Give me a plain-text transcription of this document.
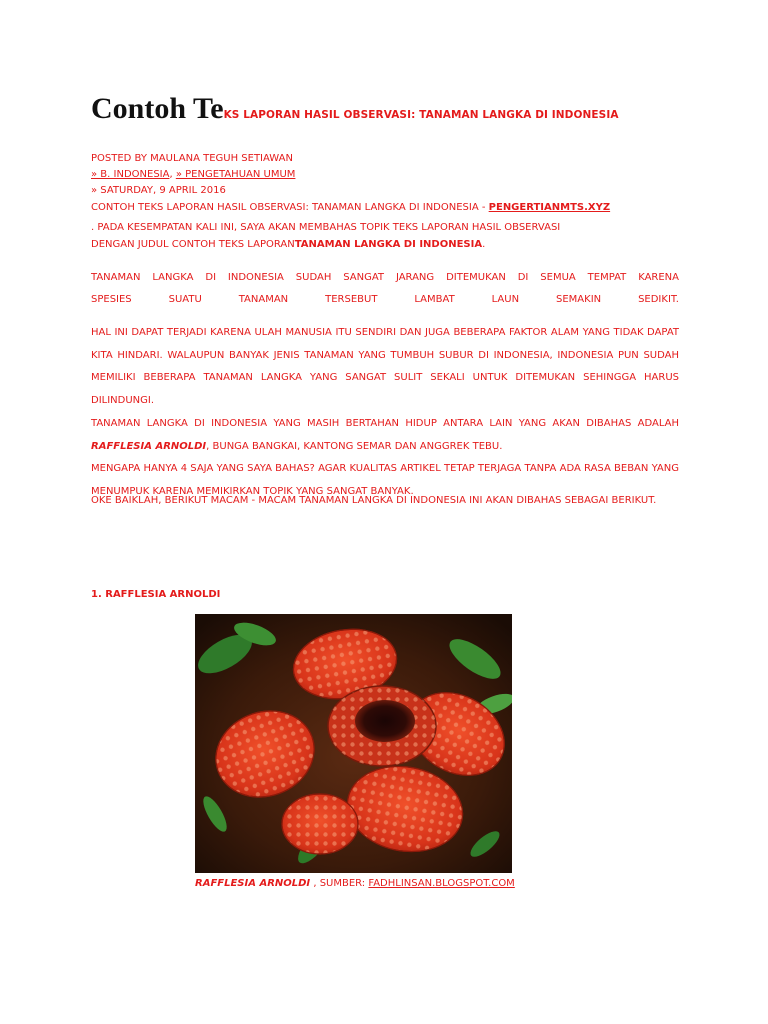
Contoh TeKS LAPORAN HASIL OBSERVASI: TANAMAN LANGKA DI INDONESIA
POSTED BY MAULANA TEGUH SETIAWAN
» B. INDONESIA, » PENGETAHUAN UMUM
» SATURDAY, 9 APRIL 2016
CONTOH TEKS LAPORAN HASIL OBSERVASI: TANAMAN LANGKA DI INDONESIA - PENGERTIANMTS.XYZ
. PADA KESEMPATAN KALI INI, SAYA AKAN MEMBAHAS TOPIK TEKS LAPORAN HASIL OBSERVASI
DENGAN JUDUL CONTOH TEKS LAPORANTANAMAN LANGKA DI INDONESIA.
TANAMAN LANGKA DI INDONESIA SUDAH SANGAT JARANG DITEMUKAN DI SEMUA TEMPAT KARENA
SPESIES SUATU TANAMAN TERSEBUT LAMBAT LAUN SEMAKIN SEDIKIT.
HAL INI DAPAT TERJADI KARENA ULAH MANUSIA ITU SENDIRI DAN JUGA BEBERAPA FAKTOR ALAM YANG TIDAK DAPAT KITA HINDARI. WALAUPUN BANYAK JENIS TANAMAN YANG TUMBUH SUBUR DI INDONESIA, INDONESIA PUN SUDAH MEMILIKI BEBERAPA TANAMAN LANGKA YANG SANGAT SULIT SEKALI UNTUK DITEMUKAN SEHINGGA HARUS DILINDUNGI.
TANAMAN LANGKA DI INDONESIA YANG MASIH BERTAHAN HIDUP ANTARA LAIN YANG AKAN DIBAHAS ADALAH RAFFLESIA ARNOLDI, BUNGA BANGKAI, KANTONG SEMAR DAN ANGGREK TEBU.
MENGAPA HANYA 4 SAJA YANG SAYA BAHAS? AGAR KUALITAS ARTIKEL TETAP TERJAGA TANPA ADA RASA BEBAN YANG MENUMPUK KARENA MEMIKIRKAN TOPIK YANG SANGAT BANYAK.
OKE BAIKLAH, BERIKUT MACAM - MACAM TANAMAN LANGKA DI INDONESIA INI AKAN DIBAHAS SEBAGAI BERIKUT.
1. RAFFLESIA ARNOLDI
RAFFLESIA ARNOLDI , SUMBER: FADHLINSAN.BLOGSPOT.COM
